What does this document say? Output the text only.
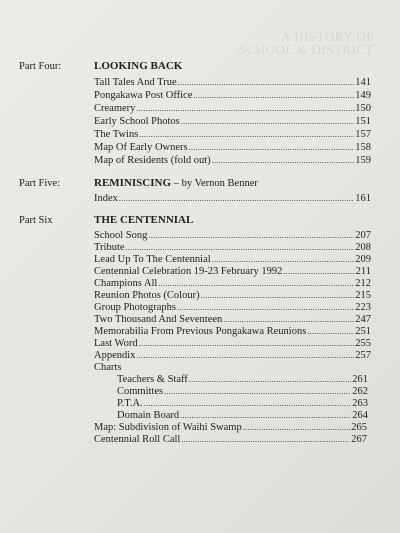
A HISTORY OF
SCHOOL & DISTRICT
Part Four:	LOOKING BACK
Tall Tales And True .....	141
Pongakawa Post Office .....	149
Creamery .....	150
Early School Photos .....	151
The Twins .....	157
Map Of Early Owners .....	158
Map of Residents (fold out) .....	159
Part Five:	REMINISCING – by Vernon Benner
Index .....	161
Part Six	THE CENTENNIAL
School Song .....	207
Tribute .....	208
Lead Up To The Centennial .....	209
Centennial Celebration 19-23 February 1992 .....	211
Champions All .....	212
Reunion Photos (Colour) .....	215
Group Photographs .....	223
Two Thousand And Seventeen .....	247
Memorabilia From Previous Pongakawa Reunions .....	251
Last Word .....	255
Appendix .....	257
Charts
Teachers & Staff .....	261
Committes .....	262
P.T.A. .....	263
Domain Board .....	264
Map: Subdivision of Waihi Swamp .....	265
Centennial Roll Call .....	267
